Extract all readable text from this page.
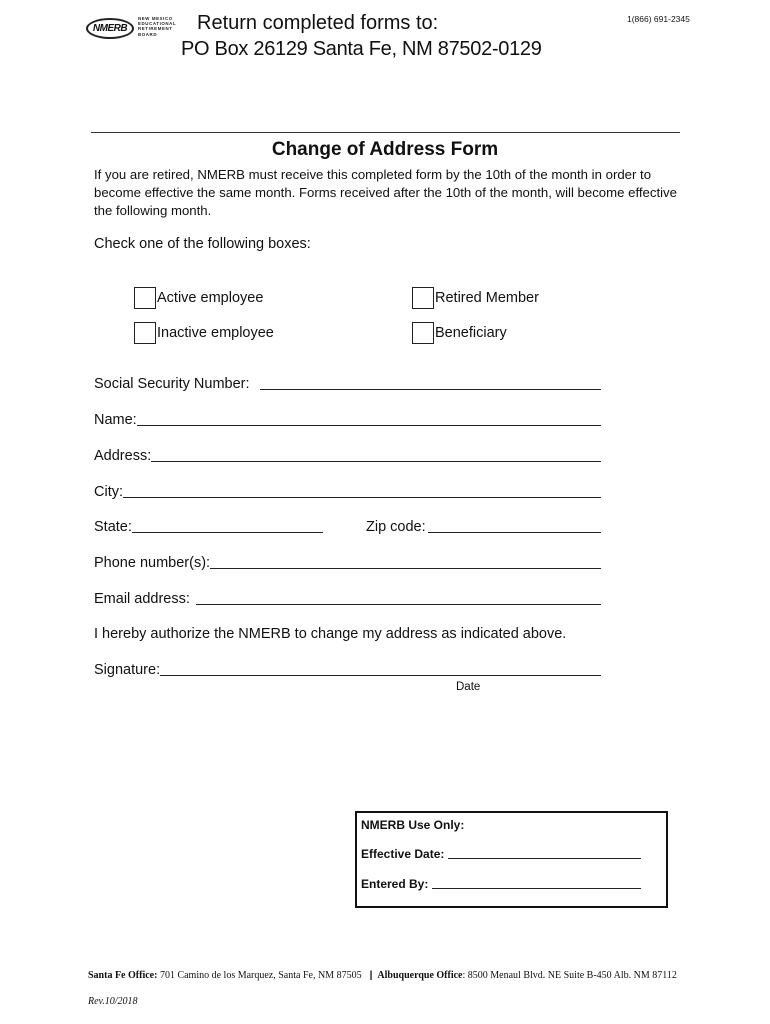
NMERB
NEW MEXICO
EDUCATIONAL
RETIREMENT
BOARD
Return completed forms to:
PO Box 26129 Santa Fe, NM 87502-0129
1(866) 691-2345
Change of Address Form
If you are retired, NMERB must receive this completed form by the 10th of the month in order to become effective the same month. Forms received after the 10th of the month, will become effective the following month.
Check one of the following boxes:
Active employee	Retired Member
Inactive employee	Beneficiary
Social Security Number:
Name:
Address:
City:
State:	Zip code:
Phone number(s):
Email address:
I hereby authorize the NMERB to change my address as indicated above.
Signature:
Date
NMERB Use Only:
Effective Date:
Entered By:
Santa Fe Office: 701 Camino de los Marquez, Santa Fe, NM 87505 | Albuquerque Office: 8500 Menaul Blvd. NE Suite B-450 Alb. NM 87112
Rev.10/2018
